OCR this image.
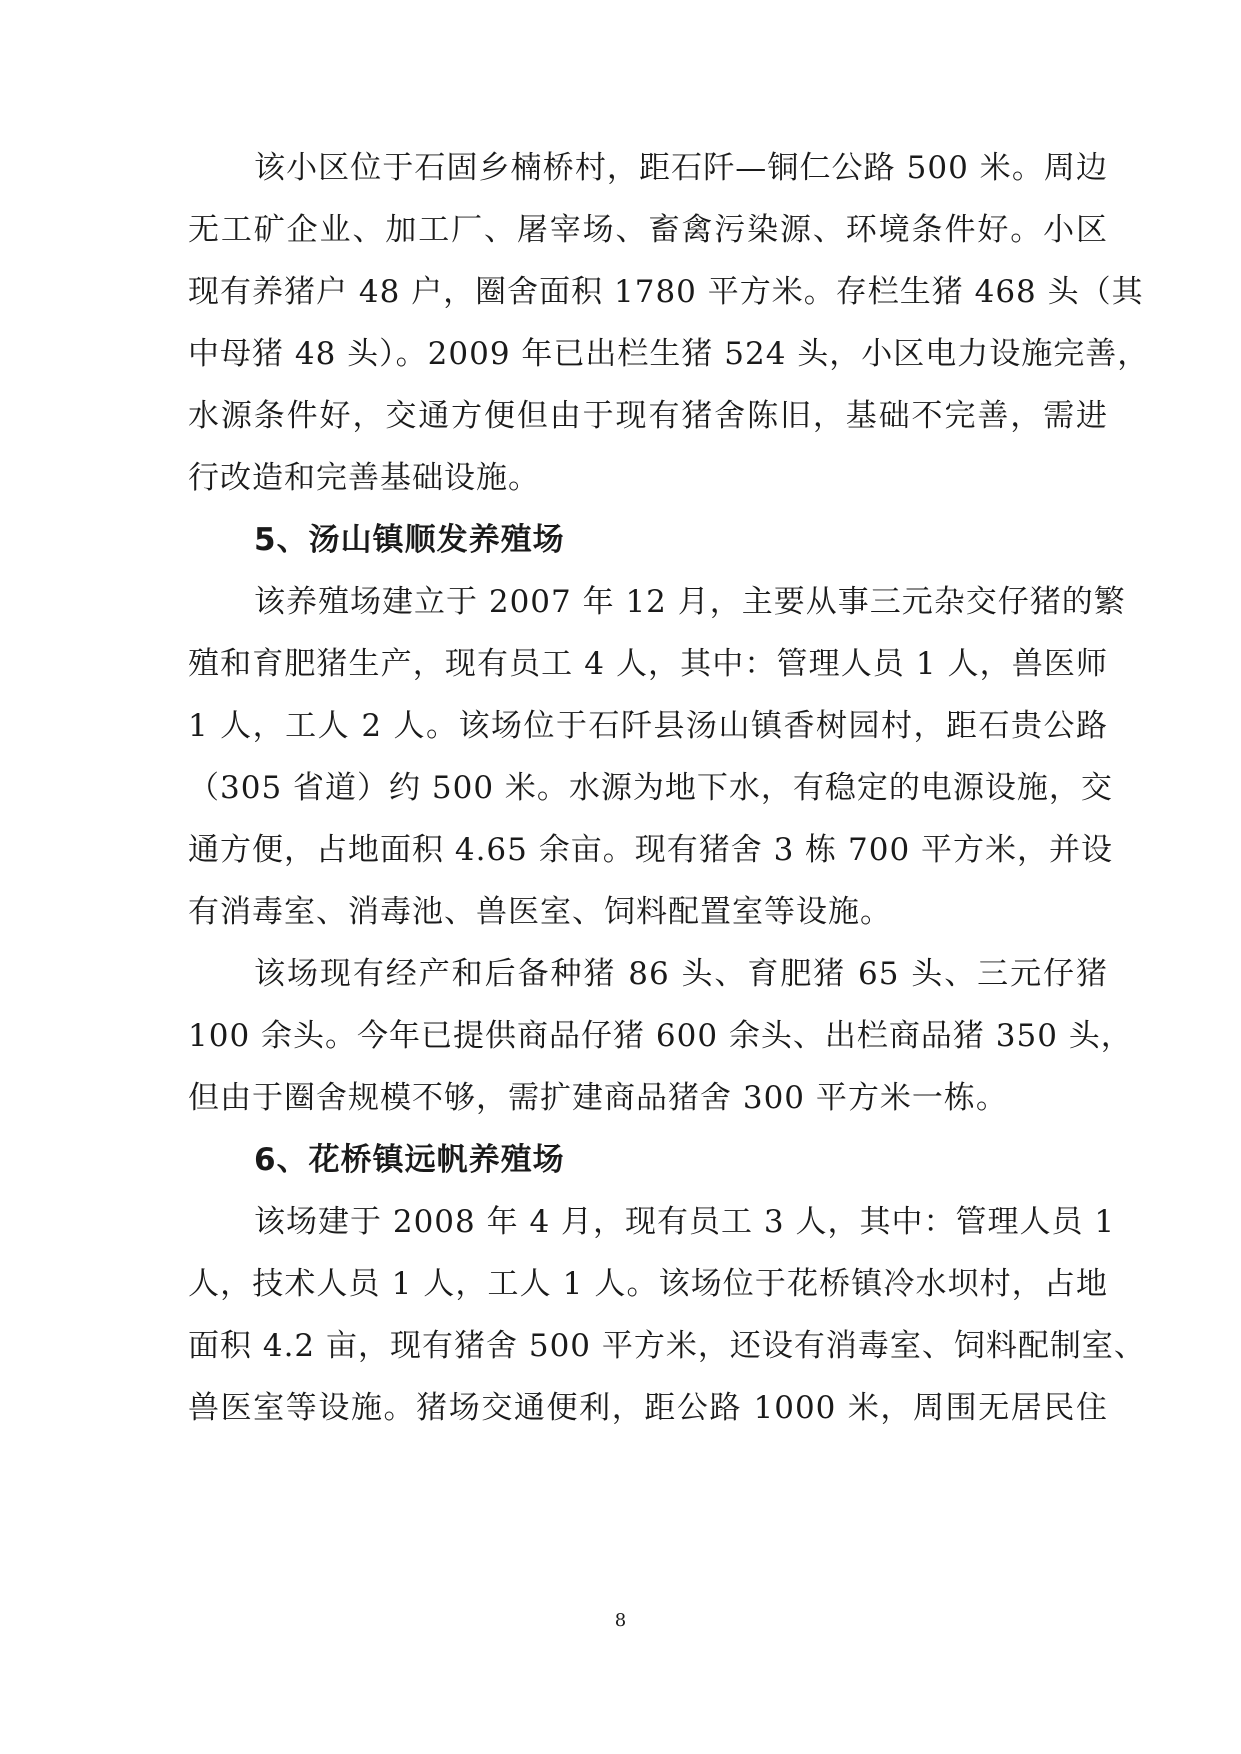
该小区位于石固乡楠桥村，距石阡—铜仁公路 500 米。周边
无工矿企业、加工厂、屠宰场、畜禽污染源、环境条件好。小区
现有养猪户 48 户，圈舍面积 1780 平方米。存栏生猪 468 头（其
中母猪 48 头）。2009 年已出栏生猪 524 头，小区电力设施完善，
水源条件好，交通方便但由于现有猪舍陈旧，基础不完善，需进
行改造和完善基础设施。
5、汤山镇顺发养殖场
该养殖场建立于 2007 年 12 月，主要从事三元杂交仔猪的繁
殖和育肥猪生产，现有员工 4 人，其中：管理人员 1 人，兽医师
1 人，工人 2 人。该场位于石阡县汤山镇香树园村，距石贵公路
（305 省道）约 500 米。水源为地下水，有稳定的电源设施，交
通方便，占地面积 4.65 余亩。现有猪舍 3 栋 700 平方米，并设
有消毒室、消毒池、兽医室、饲料配置室等设施。
该场现有经产和后备种猪 86 头、育肥猪 65 头、三元仔猪
100 余头。今年已提供商品仔猪 600 余头、出栏商品猪 350 头，
但由于圈舍规模不够，需扩建商品猪舍 300 平方米一栋。
6、花桥镇远帆养殖场
该场建于 2008 年 4 月，现有员工 3 人，其中：管理人员 1
人，技术人员 1 人，工人 1 人。该场位于花桥镇冷水坝村，占地
面积 4.2 亩，现有猪舍 500 平方米，还设有消毒室、饲料配制室、
兽医室等设施。猪场交通便利，距公路 1000 米，周围无居民住
8
